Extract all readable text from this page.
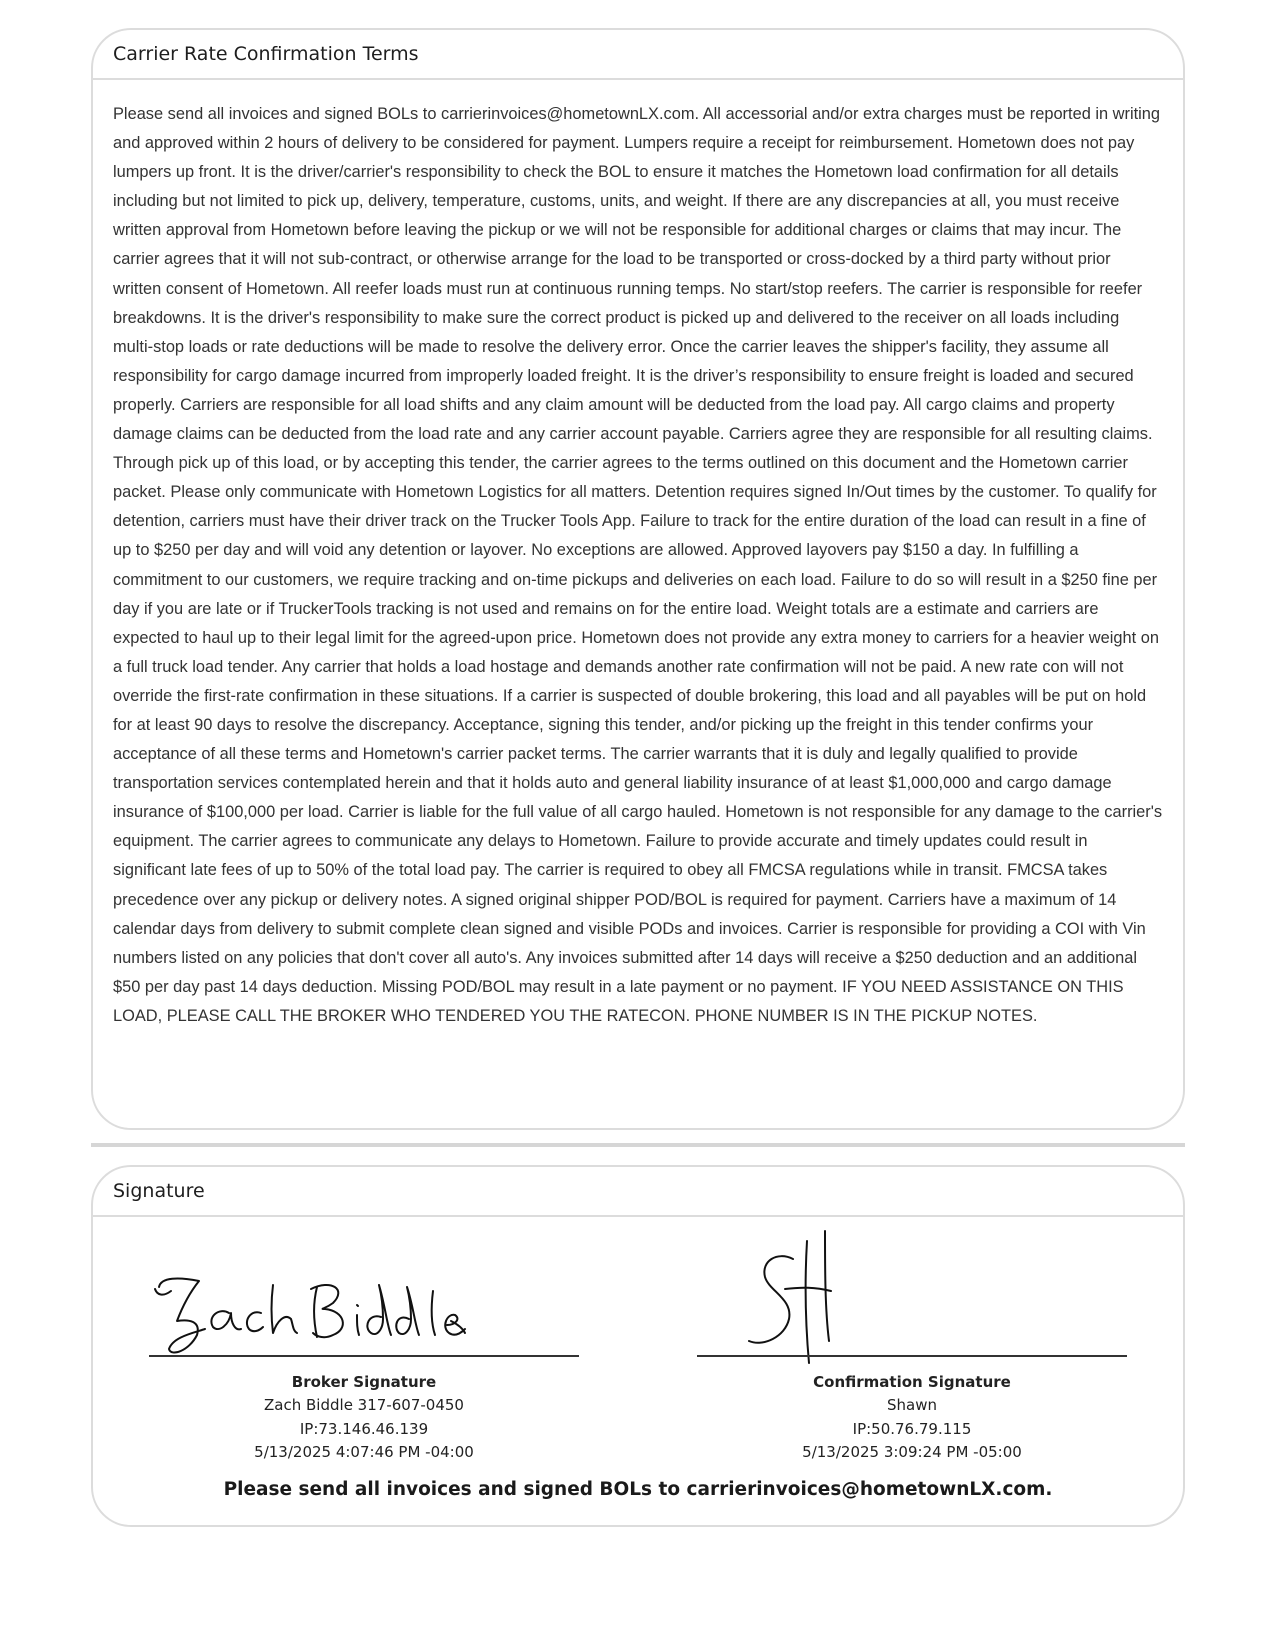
Carrier Rate Confirmation Terms
Please send all invoices and signed BOLs to carrierinvoices@hometownLX.com. All accessorial and/or extra charges must be reported in writing and approved within 2 hours of delivery to be considered for payment. Lumpers require a receipt for reimbursement. Hometown does not pay lumpers up front. It is the driver/carrier's responsibility to check the BOL to ensure it matches the Hometown load confirmation for all details including but not limited to pick up, delivery, temperature, customs, units, and weight. If there are any discrepancies at all, you must receive written approval from Hometown before leaving the pickup or we will not be responsible for additional charges or claims that may incur. The carrier agrees that it will not sub-contract, or otherwise arrange for the load to be transported or cross-docked by a third party without prior written consent of Hometown. All reefer loads must run at continuous running temps. No start/stop reefers. The carrier is responsible for reefer breakdowns. It is the driver's responsibility to make sure the correct product is picked up and delivered to the receiver on all loads including multi-stop loads or rate deductions will be made to resolve the delivery error. Once the carrier leaves the shipper's facility, they assume all responsibility for cargo damage incurred from improperly loaded freight. It is the driver’s responsibility to ensure freight is loaded and secured properly. Carriers are responsible for all load shifts and any claim amount will be deducted from the load pay. All cargo claims and property damage claims can be deducted from the load rate and any carrier account payable. Carriers agree they are responsible for all resulting claims. Through pick up of this load, or by accepting this tender, the carrier agrees to the terms outlined on this document and the Hometown carrier packet. Please only communicate with Hometown Logistics for all matters. Detention requires signed In/Out times by the customer. To qualify for detention, carriers must have their driver track on the Trucker Tools App. Failure to track for the entire duration of the load can result in a fine of up to $250 per day and will void any detention or layover. No exceptions are allowed. Approved layovers pay $150 a day. In fulfilling a commitment to our customers, we require tracking and on-time pickups and deliveries on each load. Failure to do so will result in a $250 fine per day if you are late or if TruckerTools tracking is not used and remains on for the entire load. Weight totals are a estimate and carriers are expected to haul up to their legal limit for the agreed-upon price. Hometown does not provide any extra money to carriers for a heavier weight on a full truck load tender. Any carrier that holds a load hostage and demands another rate confirmation will not be paid. A new rate con will not override the first-rate confirmation in these situations. If a carrier is suspected of double brokering, this load and all payables will be put on hold for at least 90 days to resolve the discrepancy. Acceptance, signing this tender, and/or picking up the freight in this tender confirms your acceptance of all these terms and Hometown's carrier packet terms. The carrier warrants that it is duly and legally qualified to provide transportation services contemplated herein and that it holds auto and general liability insurance of at least $1,000,000 and cargo damage insurance of $100,000 per load. Carrier is liable for the full value of all cargo hauled. Hometown is not responsible for any damage to the carrier's equipment. The carrier agrees to communicate any delays to Hometown. Failure to provide accurate and timely updates could result in significant late fees of up to 50% of the total load pay. The carrier is required to obey all FMCSA regulations while in transit. FMCSA takes precedence over any pickup or delivery notes. A signed original shipper POD/BOL is required for payment. Carriers have a maximum of 14 calendar days from delivery to submit complete clean signed and visible PODs and invoices. Carrier is responsible for providing a COI with Vin numbers listed on any policies that don't cover all auto's. Any invoices submitted after 14 days will receive a $250 deduction and an additional $50 per day past 14 days deduction. Missing POD/BOL may result in a late payment or no payment. IF YOU NEED ASSISTANCE ON THIS LOAD, PLEASE CALL THE BROKER WHO TENDERED YOU THE RATECON. PHONE NUMBER IS IN THE PICKUP NOTES.
Signature
Broker Signature
Zach Biddle 317-607-0450
IP:73.146.46.139
5/13/2025 4:07:46 PM -04:00
Confirmation Signature
Shawn
IP:50.76.79.115
5/13/2025 3:09:24 PM -05:00
Please send all invoices and signed BOLs to carrierinvoices@hometownLX.com.
